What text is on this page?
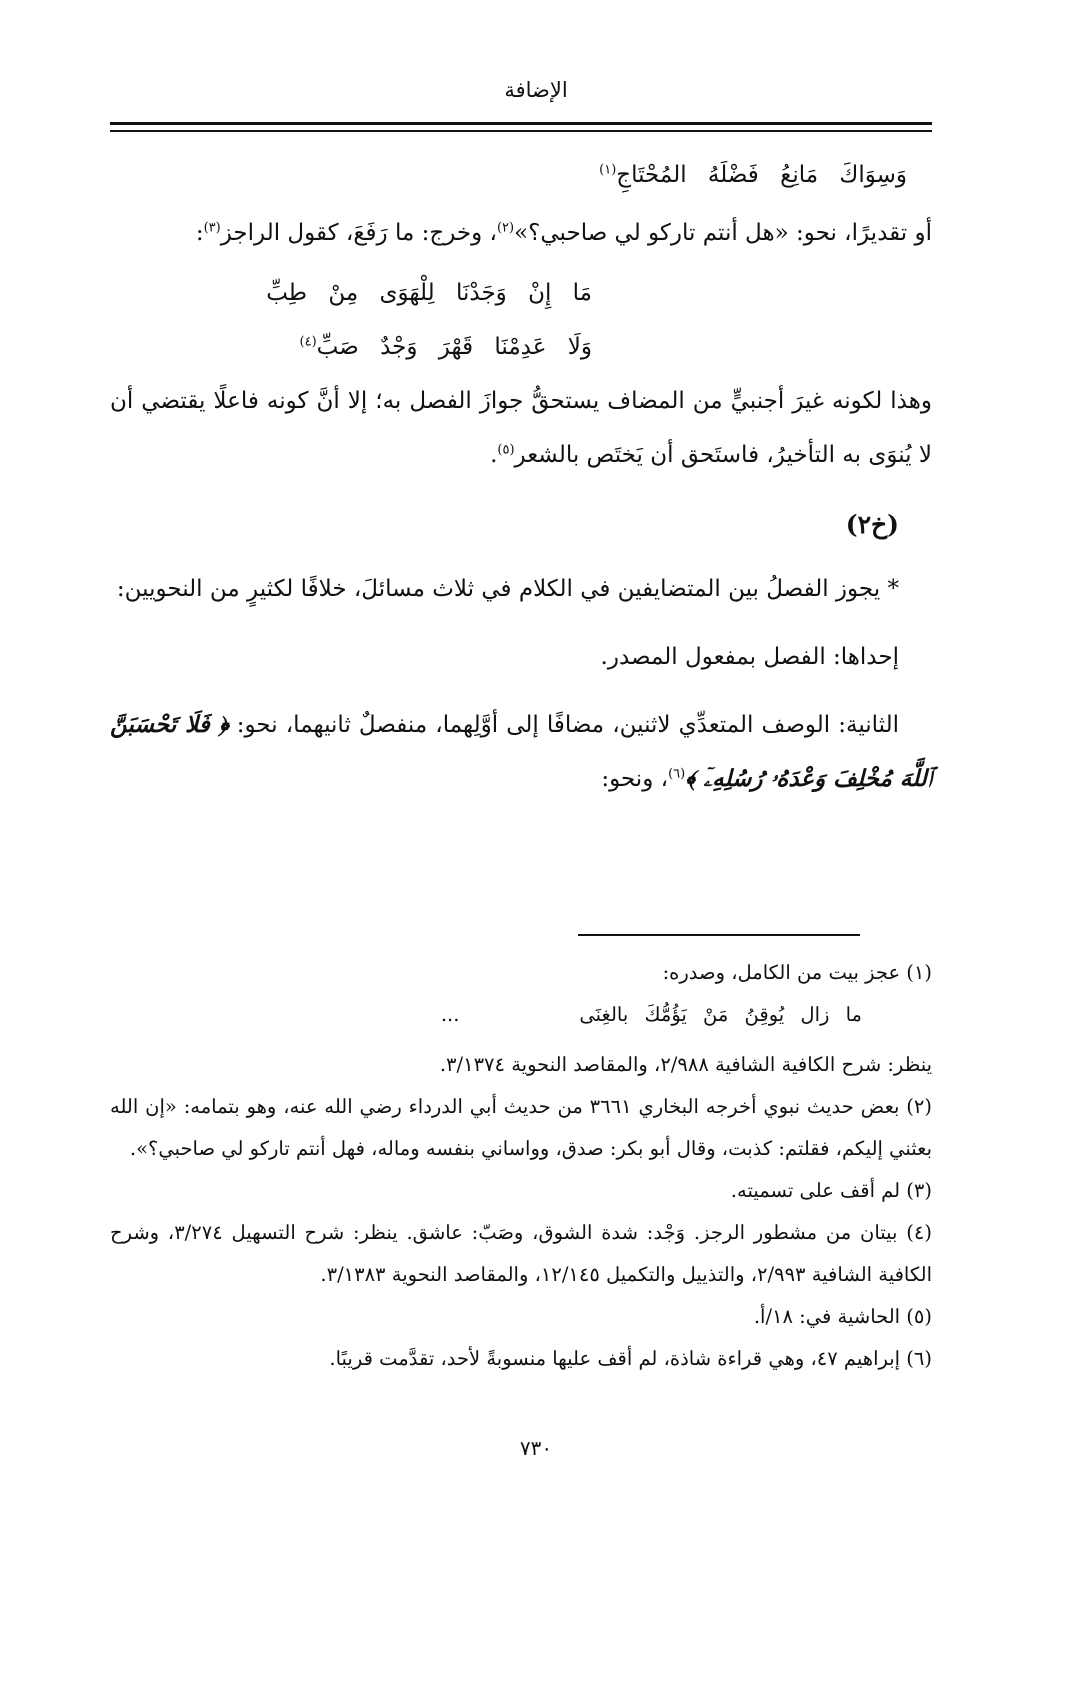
الإضافة
وَسِوَاكَ مَانِعُ فَضْلَهُ المُحْتَاجِ$^{(١)}$
أو تقديرًا، نحو: «هل أنتم تاركو لي صاحبي؟»$^{(٢)}$، وخرج: ما رَفَعَ، كقول الراجز$^{(٣)}$:
مَا إِنْ وَجَدْنَا لِلْهَوَى مِنْ طِبِّ
وَلَا عَدِمْنَا قَهْرَ وَجْدٌ صَبِّ$^{(٤)}$
وهذا لكونه غيرَ أجنبيٍّ من المضاف يستحقُّ جوازَ الفصل به؛ إلا أنَّ كونه فاعلًا يقتضي أن لا يُنوَى به التأخيرُ، فاستَحق أن يَختَص بالشعر$^{(٥)}$.
(خ٢)
* يجوز الفصلُ بين المتضايفين في الكلام في ثلاث مسائلَ، خلافًا لكثيرٍ من النحويين:
إحداها: الفصل بمفعول المصدر.
الثانية: الوصف المتعدِّي لاثنين، مضافًا إلى أوَّلِهما، منفصلٌ ثانيهما، نحو: ﴿ فَلَا تَحْسَبَنَّ ٱللَّهَ مُخْلِفَ وَعْدَهُۥ رُسُلِهِۦٓ ﴾$^{(٦)}$، ونحو:
(١) عجز بيت من الكامل، وصدره:
ما زال يُوقِنُ مَنْ يَؤُمُّكَ بالغِنَى...
ينظر: شرح الكافية الشافية ٢/٩٨٨، والمقاصد النحوية ٣/١٣٧٤.
(٢) بعض حديث نبوي أخرجه البخاري ٣٦٦١ من حديث أبي الدرداء رضي الله عنه، وهو بتمامه: «إن الله بعثني إليكم، فقلتم: كذبت، وقال أبو بكر: صدق، وواساني بنفسه وماله، فهل أنتم تاركو لي صاحبي؟».
(٣) لم أقف على تسميته.
(٤) بيتان من مشطور الرجز. وَجْد: شدة الشوق، وصَبّ: عاشق. ينظر: شرح التسهيل ٣/٢٧٤، وشرح الكافية الشافية ٢/٩٩٣، والتذييل والتكميل ١٢/١٤٥، والمقاصد النحوية ٣/١٣٨٣.
(٥) الحاشية في: ١٨/أ.
(٦) إبراهيم ٤٧، وهي قراءة شاذة، لم أقف عليها منسوبةً لأحد، تقدَّمت قريبًا.
٧٣٠
